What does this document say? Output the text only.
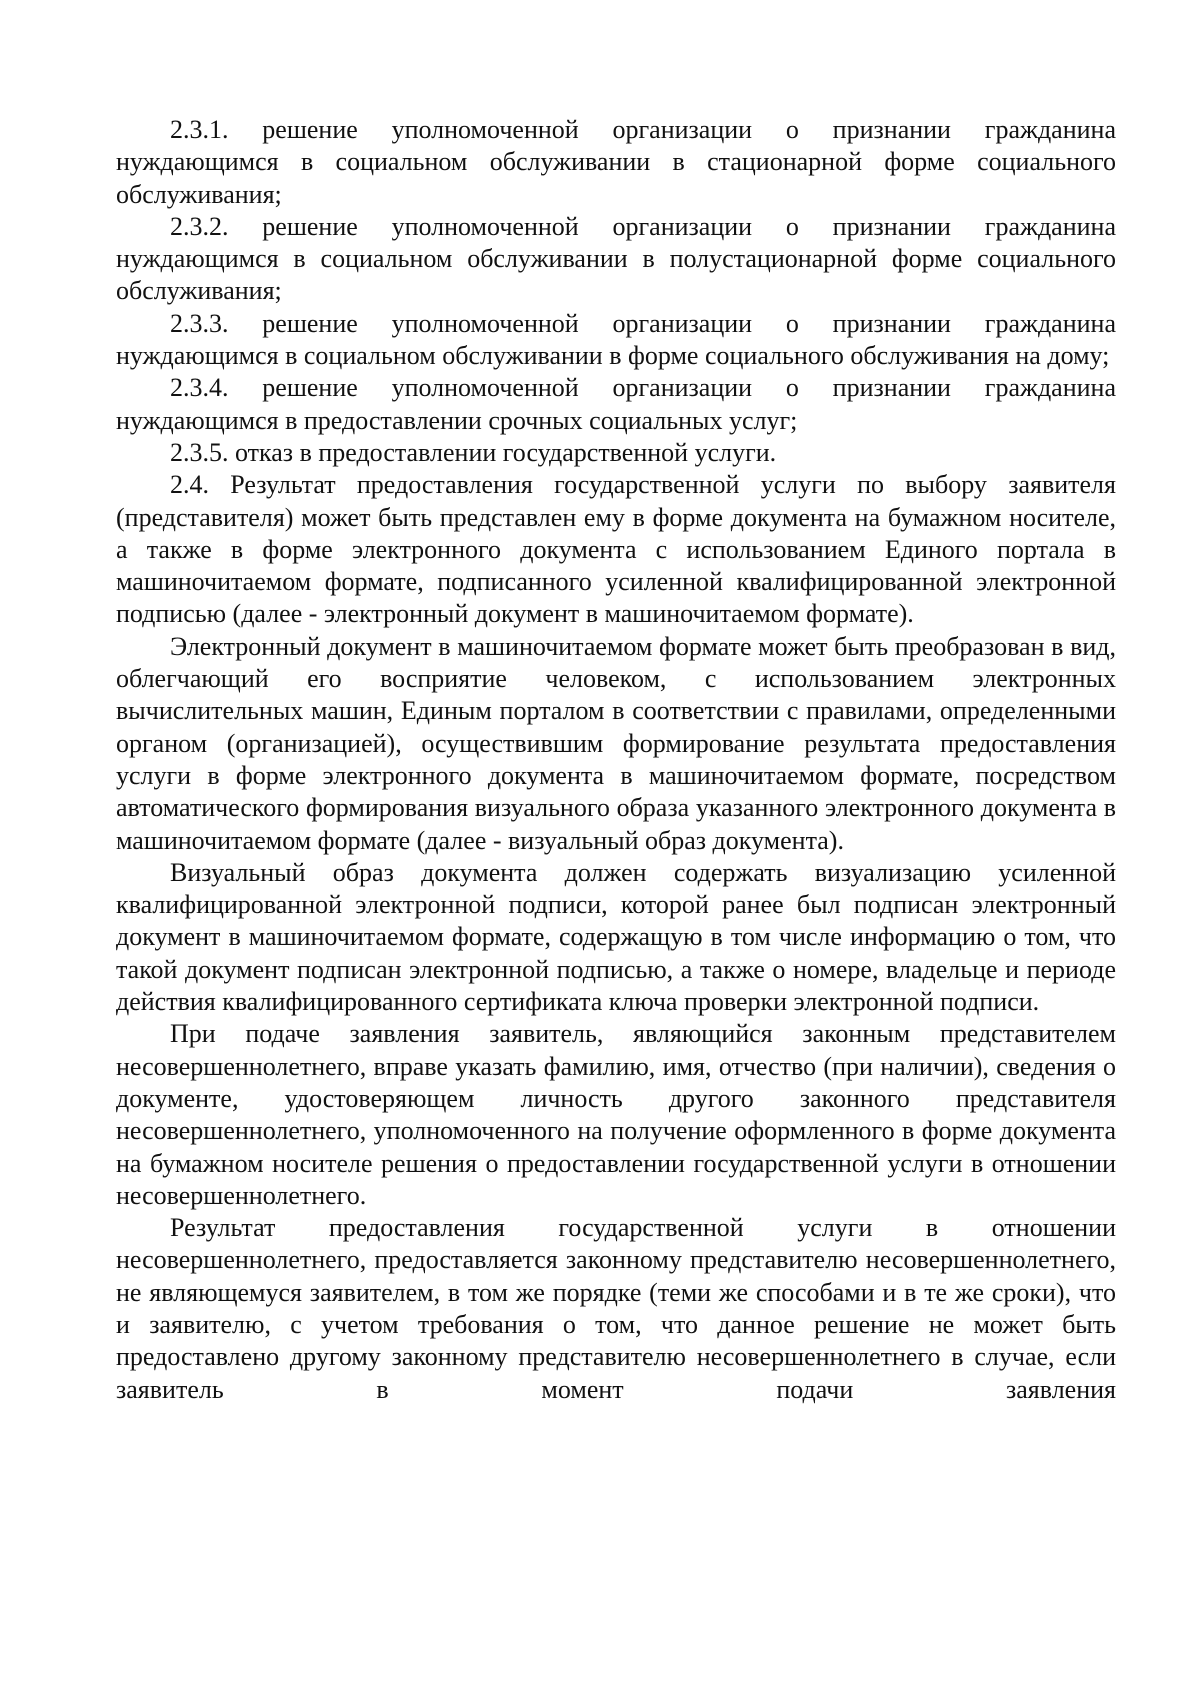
2.3.1. решение уполномоченной организации о признании гражданина нуждающимся в социальном обслуживании в стационарной форме социального обслуживания;

2.3.2. решение уполномоченной организации о признании гражданина нуждающимся в социальном обслуживании в полустационарной форме социального обслуживания;

2.3.3. решение уполномоченной организации о признании гражданина нуждающимся в социальном обслуживании в форме социального обслуживания на дому;

2.3.4. решение уполномоченной организации о признании гражданина нуждающимся в предоставлении срочных социальных услуг;

2.3.5. отказ в предоставлении государственной услуги.

2.4. Результат предоставления государственной услуги по выбору заявителя (представителя) может быть представлен ему в форме документа на бумажном носителе, а также в форме электронного документа с использованием Единого портала в машиночитаемом формате, подписанного усиленной квалифицированной электронной подписью (далее - электронный документ в машиночитаемом формате).

Электронный документ в машиночитаемом формате может быть преобразован в вид, облегчающий его восприятие человеком, с использованием электронных вычислительных машин, Единым порталом в соответствии с правилами, определенными органом (организацией), осуществившим формирование результата предоставления услуги в форме электронного документа в машиночитаемом формате, посредством автоматического формирования визуального образа указанного электронного документа в машиночитаемом формате (далее - визуальный образ документа).

Визуальный образ документа должен содержать визуализацию усиленной квалифицированной электронной подписи, которой ранее был подписан электронный документ в машиночитаемом формате, содержащую в том числе информацию о том, что такой документ подписан электронной подписью, а также о номере, владельце и периоде действия квалифицированного сертификата ключа проверки электронной подписи.

При подаче заявления заявитель, являющийся законным представителем несовершеннолетнего, вправе указать фамилию, имя, отчество (при наличии), сведения о документе, удостоверяющем личность другого законного представителя несовершеннолетнего, уполномоченного на получение оформленного в форме документа на бумажном носителе решения о предоставлении государственной услуги в отношении несовершеннолетнего.

Результат предоставления государственной услуги в отношении несовершеннолетнего, предоставляется законному представителю несовершеннолетнего, не являющемуся заявителем, в том же порядке (теми же способами и в те же сроки), что и заявителю, с учетом требования о том, что данное решение не может быть предоставлено другому законному представителю несовершеннолетнего в случае, если заявитель в момент подачи заявления
